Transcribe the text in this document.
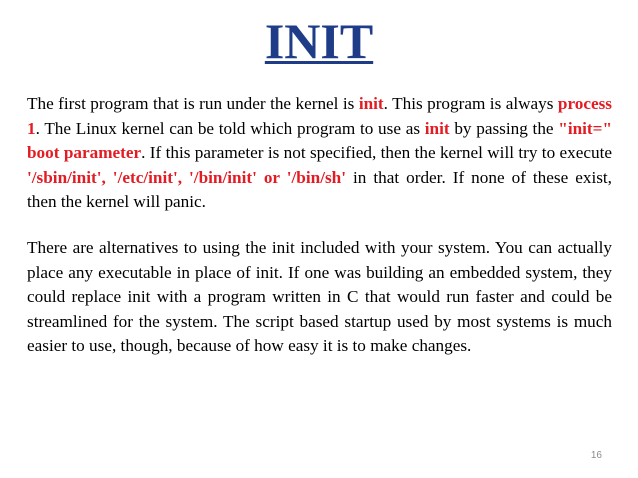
INIT
The first program that is run under the kernel is init. This program is always process 1. The Linux kernel can be told which program to use as init by passing the "init=" boot parameter. If this parameter is not specified, then the kernel will try to execute '/sbin/init', '/etc/init', '/bin/init' or '/bin/sh' in that order. If none of these exist, then the kernel will panic.
There are alternatives to using the init included with your system. You can actually place any executable in place of init. If one was building an embedded system, they could replace init with a program written in C that would run faster and could be streamlined for the system. The script based startup used by most systems is much easier to use, though, because of how easy it is to make changes.
16
